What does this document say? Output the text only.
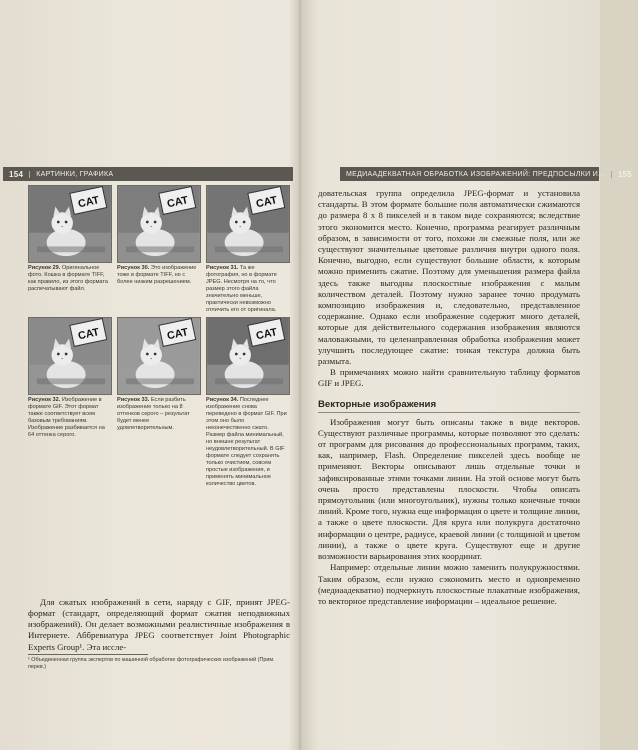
154	КАРТИНКИ, ГРАФИКА	МЕДИААДЕКВАТНАЯ ОБРАБОТКА ИЗОБРАЖЕНИЙ: ПРЕДПОСЫЛКИ И...	155
CAT
Рисунок 29. Оригинальное фото. Кошка в формате TIFF, как правило, из этого формата распечатывают файл.
CAT
Рисунок 30. Это изображение тоже в формате TIFF, но с более низким разрешением.
CAT
Рисунок 31. Та же фотография, но в формате JPEG. Несмотря на то, что размер этого файла значительно меньше, практически невозможно отличить его от оригинала.
CAT
Рисунок 32. Изображение в формате GIF. Этот формат также соответствует всем базовым требованиям. Изображение разбивается на 64 оттенка серого.
CAT
Рисунок 33. Если разбить изображение только на 8 оттенков серого – результат будет менее удовлетворительным.
CAT
Рисунок 34. Последнее изображение снова переведено в формат GIF. При этом оно было неконечественно сжато. Размер файла минимальный, но внешне результат неудовлетворительный. В GIF формате следует сохранять только очистием, совсем простые изображения, и применять минимальное количество цветов.

Для сжатых изображений в сети, наряду с GIF, принят JPEG-формат (стандарт, определяющий формат сжатия неподвижных изображений). Он делает возможными реалистичные изображения в Интернете. Аббревиатура JPEG соответствует Joint Photographic Experts Group¹. Эта иссле-

¹ Объединенная группа экспертов по машинной обработке фотографических изображений (Прим. перев.)

довательская группа определила JPEG-формат и установила стандарты. В этом формате большие поля автоматически сжимаются до размера 8 х 8 пикселей и в таком виде сохраняются; вследствие этого экономится место. Конечно, программа реагирует различным образом, в зависимости от того, похожи ли смежные поля, или же существуют значительные цветовые различия внутри одного поля. Конечно, выгодно, если существуют большие области, к которым можно применить сжатие. Поэтому для уменьшения размера файла здесь также выгодны плоскостные изображения с малым количеством деталей. Поэтому нужно заранее точно продумать композицию изображения и, следовательно, представленное содержание. Однако если изображение содержит много деталей, которые для действительного содержания изображения являются маловажными, то целенаправленная обработка изображения может улучшить последующее сжатие: тонкая текстура должна быть размыта.

В примечаниях можно найти сравнительную таблицу форматов GIF и JPEG.

Векторные изображения

Изображения могут быть описаны также в виде векторов. Существуют различные программы, которые позволяют это сделать: от программ для рисования до профессиональных программ, таких, как, например, Flash. Определение пикселей здесь вообще не применяют. Векторы описывают лишь отдельные точки и зафиксированные этими точками линии. На этой основе могут быть очень просто представлены плоскости. Чтобы описать прямоугольник (или многоугольник), нужны только конечные точки линий. Кроме того, нужна еще информация о цвете и толщине линии, а также о цвете плоскости. Для круга или полукруга достаточно информации о центре, радиусе, краевой линии (с толщиной и цветом линии), а также о цвете круга. Существуют еще и другие возможности варьирования этих координат.

Например: отдельные линии можно заменить полукружностями. Таким образом, если нужно сэкономить место и одновременно (медиаадекватно) подчеркнуть плоскостные плакатные изображения, то векторное представление информации – идеальное решение.
